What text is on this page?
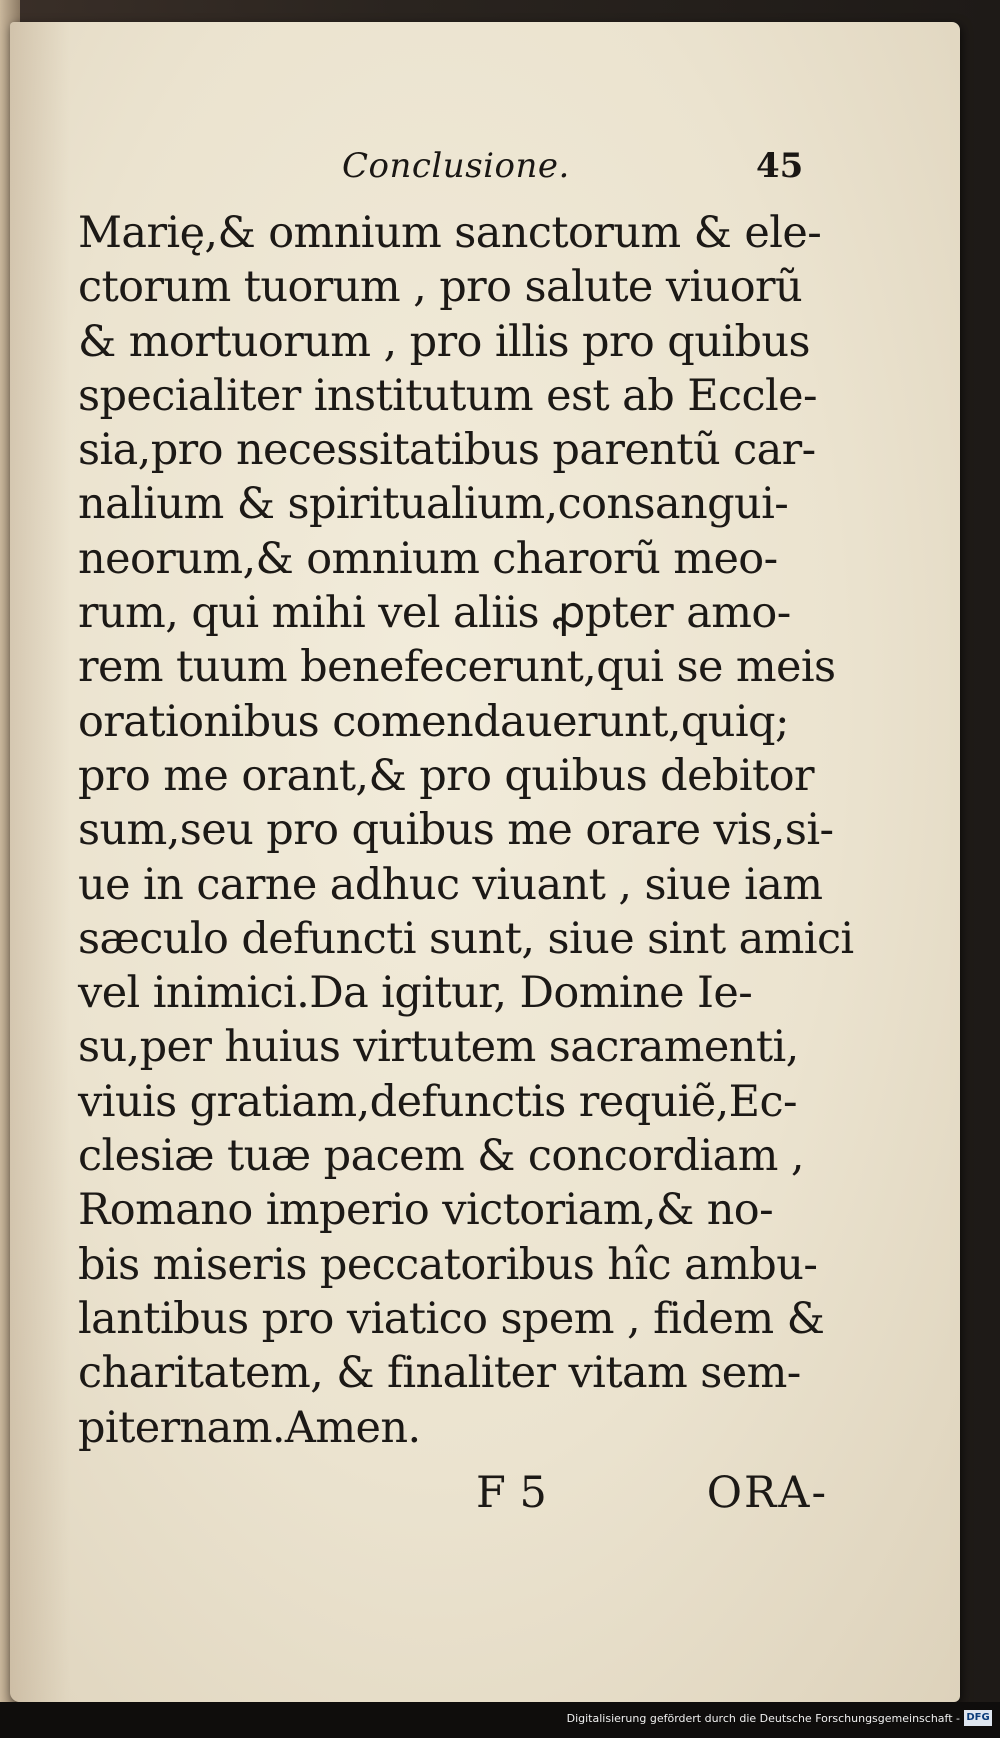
Conclusione.	45
Marię,& omnium sanctorum & ele-
ctorum tuorum , pro salute viuorũ
& mortuorum , pro illis pro quibus
specialiter institutum est ab Eccle-
sia,pro necessitatibus parentũ car-
nalium & spiritualium,consangui-
neorum,& omnium charorũ meo-
rum, qui mihi vel aliis ꝓpter amo-
rem tuum benefecerunt,qui se meis
orationibus comendauerunt,quiq;
pro me orant,& pro quibus debitor
sum,seu pro quibus me orare vis,si-
ue in carne adhuc viuant , siue iam
sæculo defuncti sunt, siue sint amici
vel inimici.Da igitur, Domine Ie-
su,per huius virtutem sacramenti,
viuis gratiam,defunctis requiẽ,Ec-
clesiæ tuæ pacem & concordiam ,
Romano imperio victoriam,& no-
bis miseris peccatoribus hîc ambu-
lantibus pro viatico spem , fidem &
charitatem, & finaliter vitam sem-
piternam.Amen.
F 5	ORA-
Digitalisierung gefördert durch die Deutsche Forschungsgemeinschaft - DFG
